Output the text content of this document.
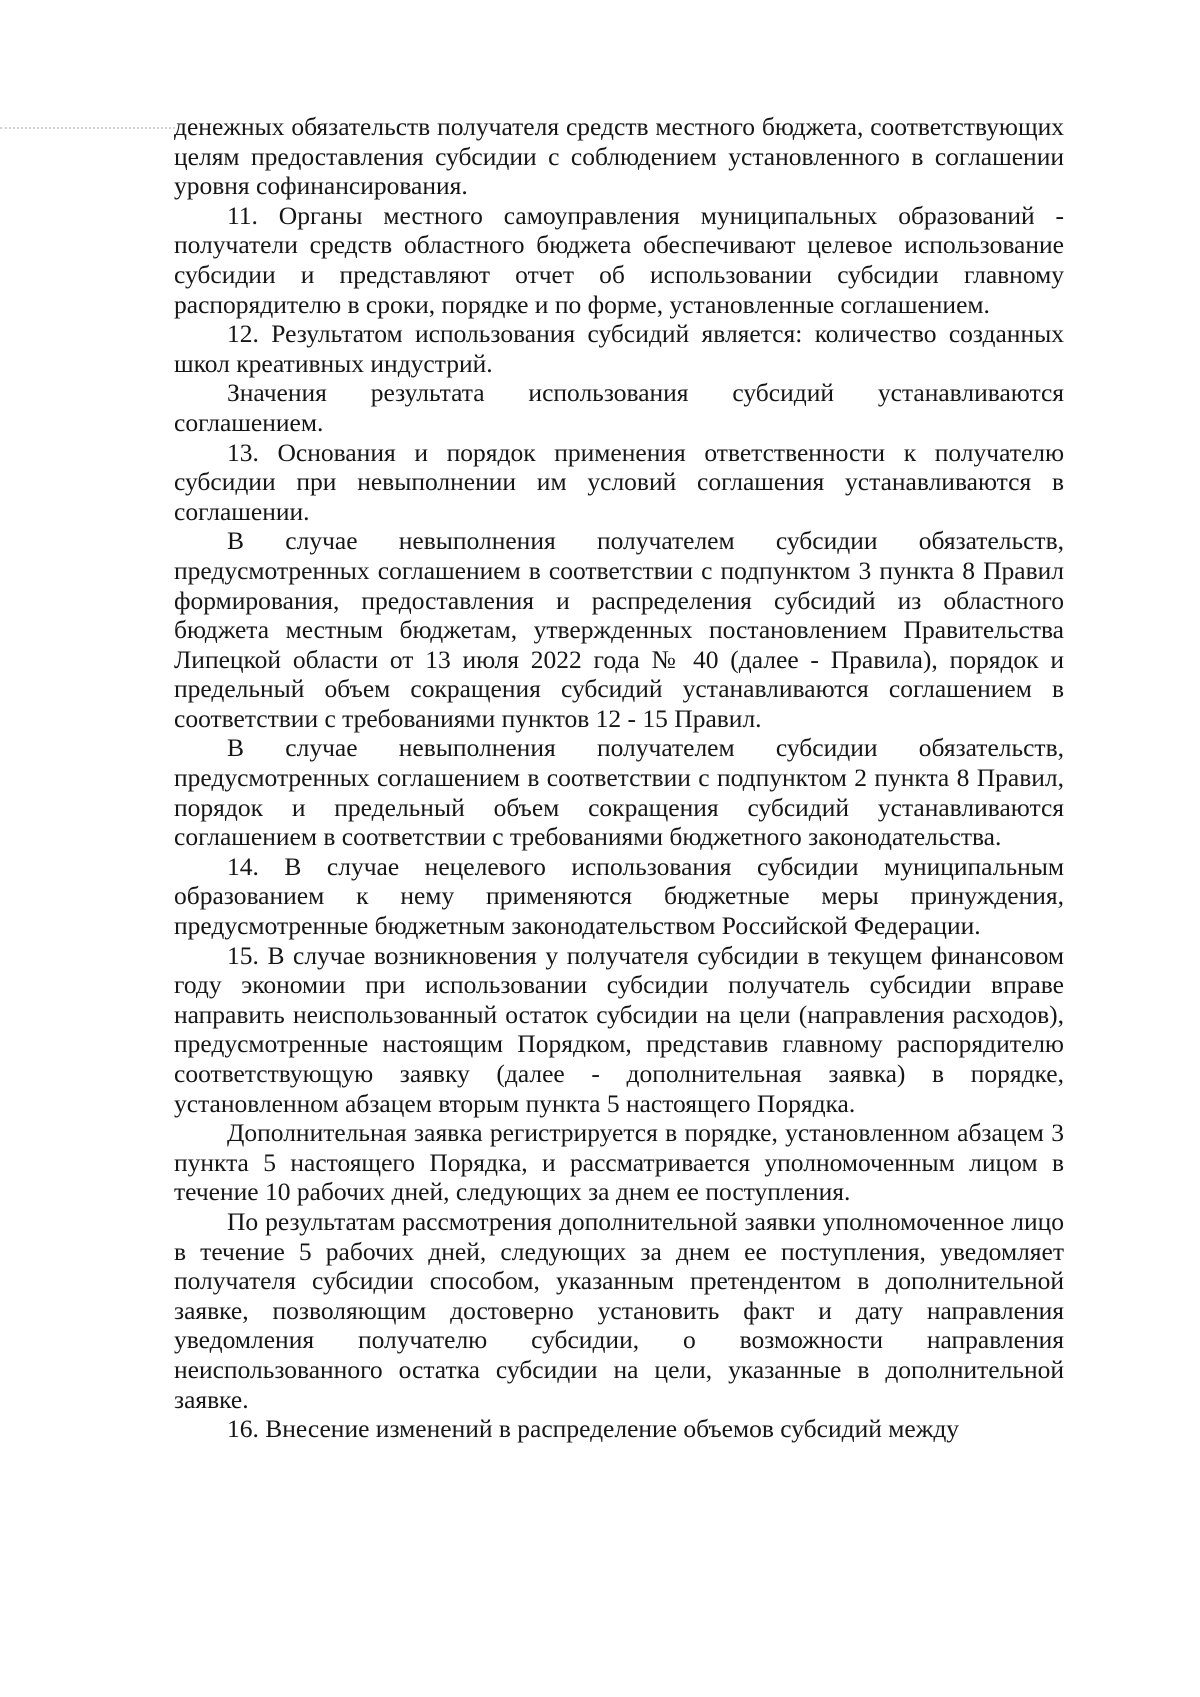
денежных обязательств получателя средств местного бюджета, соответствующих целям предоставления субсидии с соблюдением установленного в соглашении уровня софинансирования.

11. Органы местного самоуправления муниципальных образований - получатели средств областного бюджета обеспечивают целевое использование субсидии и представляют отчет об использовании субсидии главному распорядителю в сроки, порядке и по форме, установленные соглашением.

12. Результатом использования субсидий является: количество созданных школ креативных индустрий.

Значения результата использования субсидий устанавливаются соглашением.

13. Основания и порядок применения ответственности к получателю субсидии при невыполнении им условий соглашения устанавливаются в соглашении.

В случае невыполнения получателем субсидии обязательств, предусмотренных соглашением в соответствии с подпунктом 3 пункта 8 Правил формирования, предоставления и распределения субсидий из областного бюджета местным бюджетам, утвержденных постановлением Правительства Липецкой области от 13 июля 2022 года № 40 (далее - Правила), порядок и предельный объем сокращения субсидий устанавливаются соглашением в соответствии с требованиями пунктов 12 - 15 Правил.

В случае невыполнения получателем субсидии обязательств, предусмотренных соглашением в соответствии с подпунктом 2 пункта 8 Правил, порядок и предельный объем сокращения субсидий устанавливаются соглашением в соответствии с требованиями бюджетного законодательства.

14. В случае нецелевого использования субсидии муниципальным образованием к нему применяются бюджетные меры принуждения, предусмотренные бюджетным законодательством Российской Федерации.

15. В случае возникновения у получателя субсидии в текущем финансовом году экономии при использовании субсидии получатель субсидии вправе направить неиспользованный остаток субсидии на цели (направления расходов), предусмотренные настоящим Порядком, представив главному распорядителю соответствующую заявку (далее - дополнительная заявка) в порядке, установленном абзацем вторым пункта 5 настоящего Порядка.

Дополнительная заявка регистрируется в порядке, установленном абзацем 3 пункта 5 настоящего Порядка, и рассматривается уполномоченным лицом в течение 10 рабочих дней, следующих за днем ее поступления.

По результатам рассмотрения дополнительной заявки уполномоченное лицо в течение 5 рабочих дней, следующих за днем ее поступления, уведомляет получателя субсидии способом, указанным претендентом в дополнительной заявке, позволяющим достоверно установить факт и дату направления уведомления получателю субсидии, о возможности направления неиспользованного остатка субсидии на цели, указанные в дополнительной заявке.

16. Внесение изменений в распределение объемов субсидий между
